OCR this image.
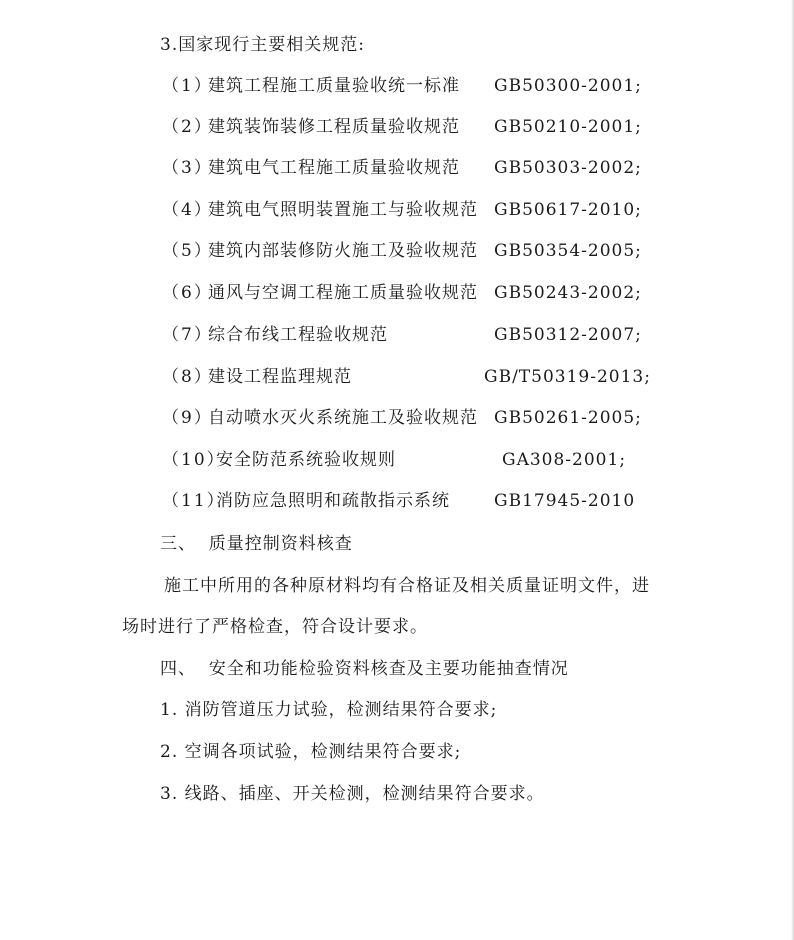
3.国家现行主要相关规范:
（1）
建筑工程施工质量验收统一标准 GB50300-2001;
（2）
建筑装饰装修工程质量验收规范 GB50210-2001;
（3）
建筑电气工程施工质量验收规范 GB50303-2002;
（4）
建筑电气照明装置施工与验收规范 GB50617-2010;
（5）
建筑内部装修防火施工及验收规范 GB50354-2005;
（6）
通风与空调工程施工质量验收规范 GB50243-2002;
（7）
综合布线工程验收规范	GB50312-2007;
（8）
建设工程监理规范	GB/T50319-2013;
（9）
自动喷水灭火系统施工及验收规范 GB50261-2005;
（10）
安全防范系统验收规则	GA308-2001;
（11）
消防应急照明和疏散指示系统	GB17945-2010
三、  质量控制资料核查
施工中所用的各种原材料均有合格证及相关质量证明文件，进
场时进行了严格检查，符合设计要求。
四、  安全和功能检验资料核查及主要功能抽查情况
1. 消防管道压力试验，检测结果符合要求;
2. 空调各项试验，检测结果符合要求;
3. 线路、插座、开关检测，检测结果符合要求。
